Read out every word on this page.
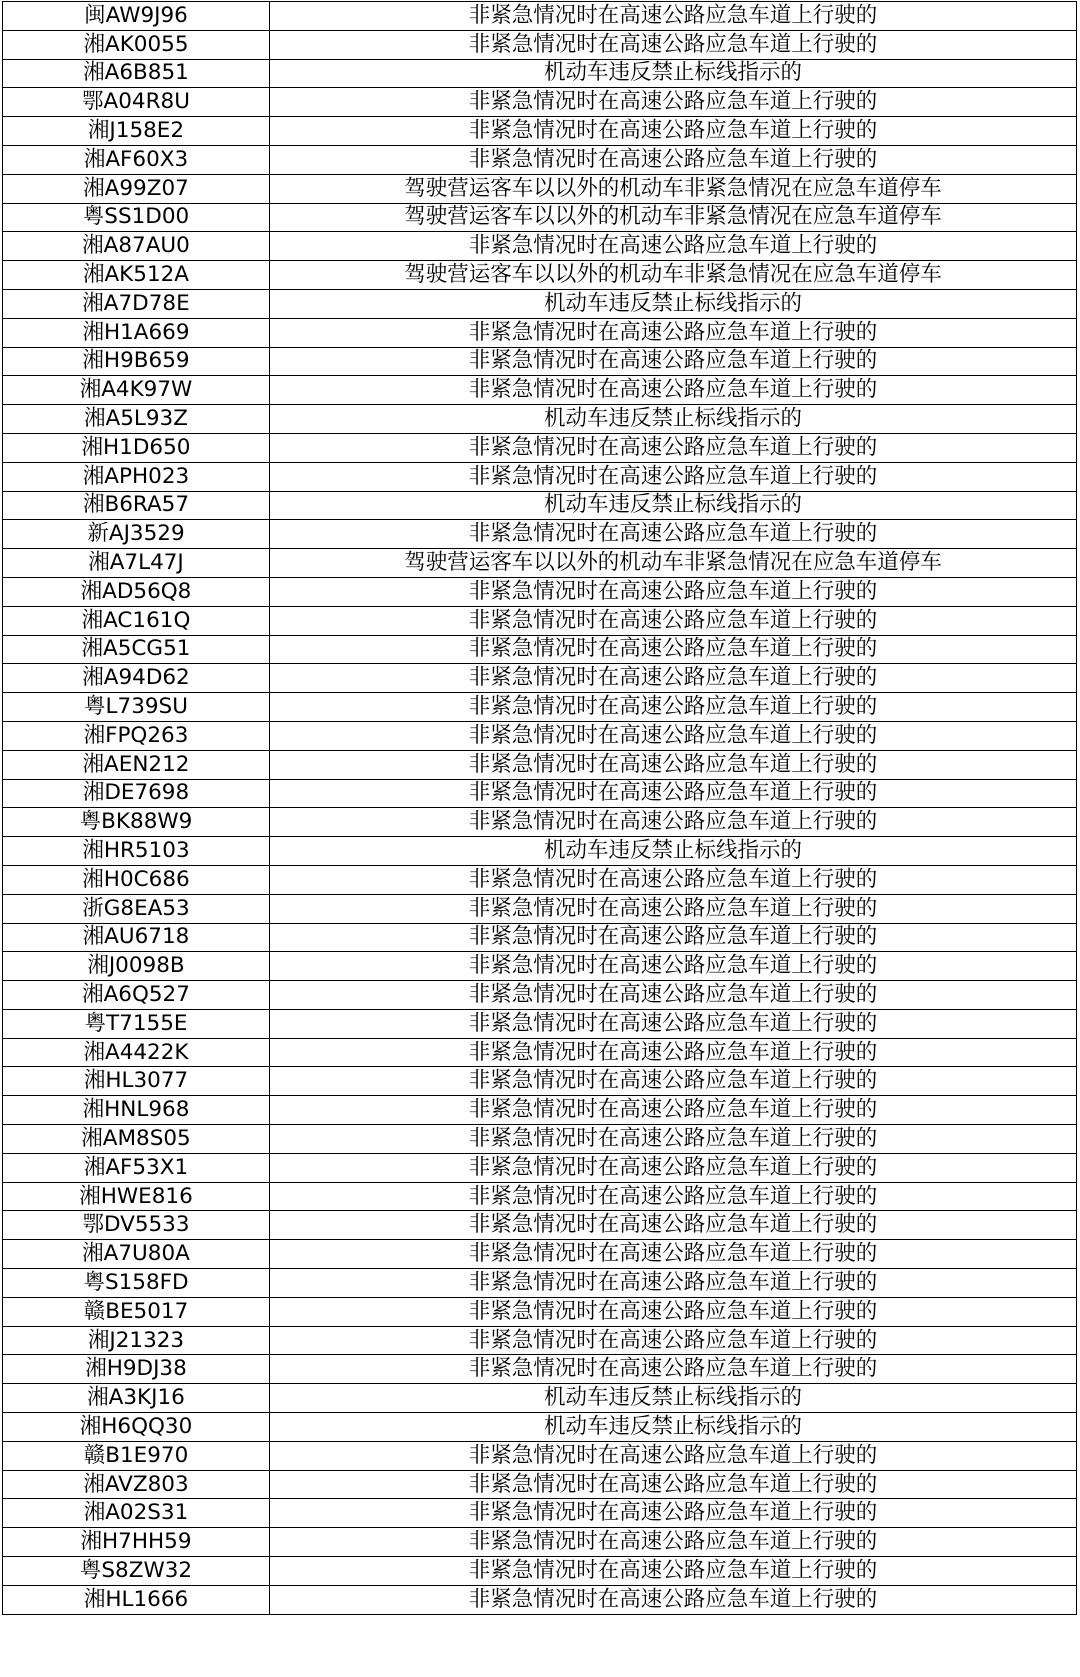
闽AW9J96	非紧急情况时在高速公路应急车道上行驶的
湘AK0055	非紧急情况时在高速公路应急车道上行驶的
湘A6B851	机动车违反禁止标线指示的
鄂A04R8U	非紧急情况时在高速公路应急车道上行驶的
湘J158E2	非紧急情况时在高速公路应急车道上行驶的
湘AF60X3	非紧急情况时在高速公路应急车道上行驶的
湘A99Z07	驾驶营运客车以以外的机动车非紧急情况在应急车道停车
粤SS1D00	驾驶营运客车以以外的机动车非紧急情况在应急车道停车
湘A87AU0	非紧急情况时在高速公路应急车道上行驶的
湘AK512A	驾驶营运客车以以外的机动车非紧急情况在应急车道停车
湘A7D78E	机动车违反禁止标线指示的
湘H1A669	非紧急情况时在高速公路应急车道上行驶的
湘H9B659	非紧急情况时在高速公路应急车道上行驶的
湘A4K97W	非紧急情况时在高速公路应急车道上行驶的
湘A5L93Z	机动车违反禁止标线指示的
湘H1D650	非紧急情况时在高速公路应急车道上行驶的
湘APH023	非紧急情况时在高速公路应急车道上行驶的
湘B6RA57	机动车违反禁止标线指示的
新AJ3529	非紧急情况时在高速公路应急车道上行驶的
湘A7L47J	驾驶营运客车以以外的机动车非紧急情况在应急车道停车
湘AD56Q8	非紧急情况时在高速公路应急车道上行驶的
湘AC161Q	非紧急情况时在高速公路应急车道上行驶的
湘A5CG51	非紧急情况时在高速公路应急车道上行驶的
湘A94D62	非紧急情况时在高速公路应急车道上行驶的
粤L739SU	非紧急情况时在高速公路应急车道上行驶的
湘FPQ263	非紧急情况时在高速公路应急车道上行驶的
湘AEN212	非紧急情况时在高速公路应急车道上行驶的
湘DE7698	非紧急情况时在高速公路应急车道上行驶的
粤BK88W9	非紧急情况时在高速公路应急车道上行驶的
湘HR5103	机动车违反禁止标线指示的
湘H0C686	非紧急情况时在高速公路应急车道上行驶的
浙G8EA53	非紧急情况时在高速公路应急车道上行驶的
湘AU6718	非紧急情况时在高速公路应急车道上行驶的
湘J0098B	非紧急情况时在高速公路应急车道上行驶的
湘A6Q527	非紧急情况时在高速公路应急车道上行驶的
粤T7155E	非紧急情况时在高速公路应急车道上行驶的
湘A4422K	非紧急情况时在高速公路应急车道上行驶的
湘HL3077	非紧急情况时在高速公路应急车道上行驶的
湘HNL968	非紧急情况时在高速公路应急车道上行驶的
湘AM8S05	非紧急情况时在高速公路应急车道上行驶的
湘AF53X1	非紧急情况时在高速公路应急车道上行驶的
湘HWE816	非紧急情况时在高速公路应急车道上行驶的
鄂DV5533	非紧急情况时在高速公路应急车道上行驶的
湘A7U80A	非紧急情况时在高速公路应急车道上行驶的
粤S158FD	非紧急情况时在高速公路应急车道上行驶的
赣BE5017	非紧急情况时在高速公路应急车道上行驶的
湘J21323	非紧急情况时在高速公路应急车道上行驶的
湘H9DJ38	非紧急情况时在高速公路应急车道上行驶的
湘A3KJ16	机动车违反禁止标线指示的
湘H6QQ30	机动车违反禁止标线指示的
赣B1E970	非紧急情况时在高速公路应急车道上行驶的
湘AVZ803	非紧急情况时在高速公路应急车道上行驶的
湘A02S31	非紧急情况时在高速公路应急车道上行驶的
湘H7HH59	非紧急情况时在高速公路应急车道上行驶的
粤S8ZW32	非紧急情况时在高速公路应急车道上行驶的
湘HL1666	非紧急情况时在高速公路应急车道上行驶的
